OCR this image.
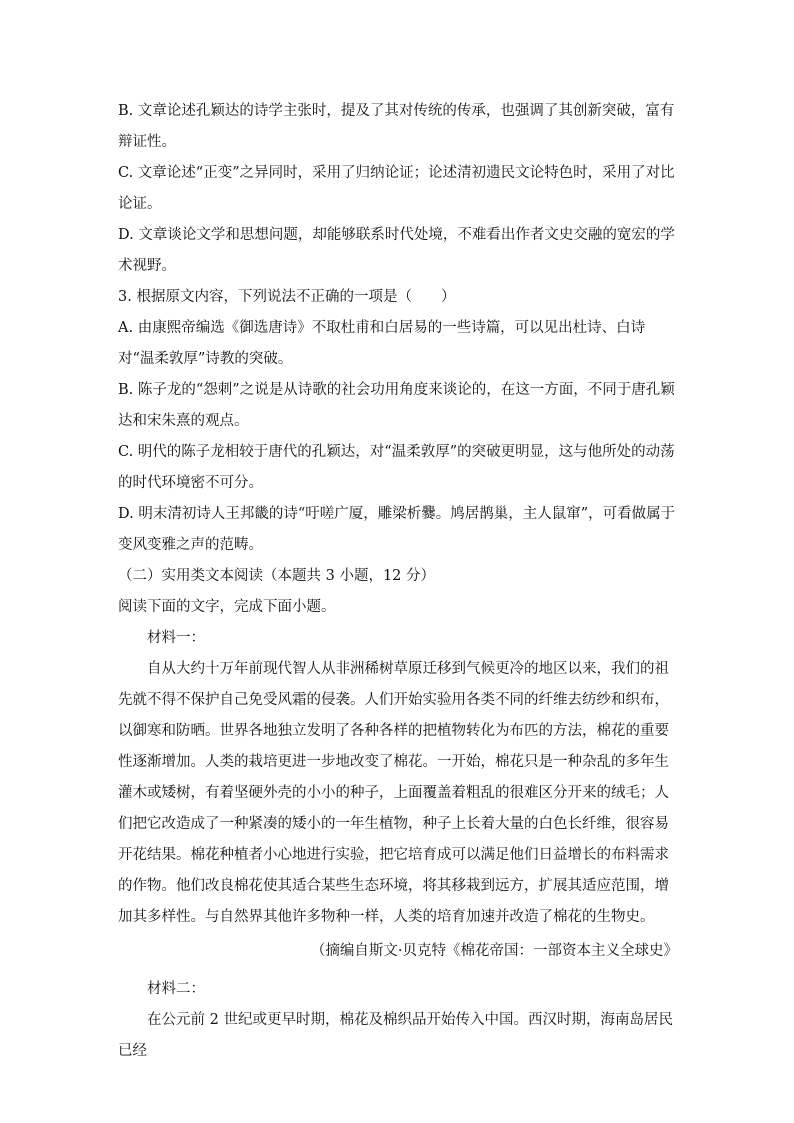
B. 文章论述孔颖达的诗学主张时，提及了其对传统的传承，也强调了其创新突破，富有辩证性。

C. 文章论述“正变”之异同时，采用了归纳论证；论述清初遗民文论特色时，采用了对比论证。

D. 文章谈论文学和思想问题，却能够联系时代处境，不难看出作者文史交融的宽宏的学术视野。

3. 根据原文内容，下列说法不正确的一项是（　　）

A. 由康熙帝编选《御选唐诗》不取杜甫和白居易的一些诗篇，可以见出杜诗、白诗对“温柔敦厚”诗教的突破。

B. 陈子龙的“怨刺”之说是从诗歌的社会功用角度来谈论的，在这一方面，不同于唐孔颖达和宋朱熹的观点。

C. 明代的陈子龙相较于唐代的孔颖达，对“温柔敦厚”的突破更明显，这与他所处的动荡的时代环境密不可分。

D. 明末清初诗人王邦畿的诗“吁嗟广厦，雕梁析爨。鸠居鹊巢，主人鼠窜”，可看做属于变风变雅之声的范畴。

（二）实用类文本阅读（本题共 3 小题，12 分）

阅读下面的文字，完成下面小题。

材料一：

自从大约十万年前现代智人从非洲稀树草原迁移到气候更冷的地区以来，我们的祖先就不得不保护自己免受风霜的侵袭。人们开始实验用各类不同的纤维去纺纱和织布，以御寒和防晒。世界各地独立发明了各种各样的把植物转化为布匹的方法，棉花的重要性逐渐增加。人类的栽培更进一步地改变了棉花。一开始，棉花只是一种杂乱的多年生灌木或矮树，有着坚硬外壳的小小的种子，上面覆盖着粗乱的很难区分开来的绒毛；人们把它改造成了一种紧凑的矮小的一年生植物，种子上长着大量的白色长纤维，很容易开花结果。棉花种植者小心地进行实验，把它培育成可以满足他们日益增长的布料需求的作物。他们改良棉花使其适合某些生态环境，将其移栽到远方，扩展其适应范围，增加其多样性。与自然界其他许多物种一样，人类的培育加速并改造了棉花的生物史。

（摘编自斯文·贝克特《棉花帝国：一部资本主义全球史》

材料二：

在公元前 2 世纪或更早时期，棉花及棉织品开始传入中国。西汉时期，海南岛居民已经
